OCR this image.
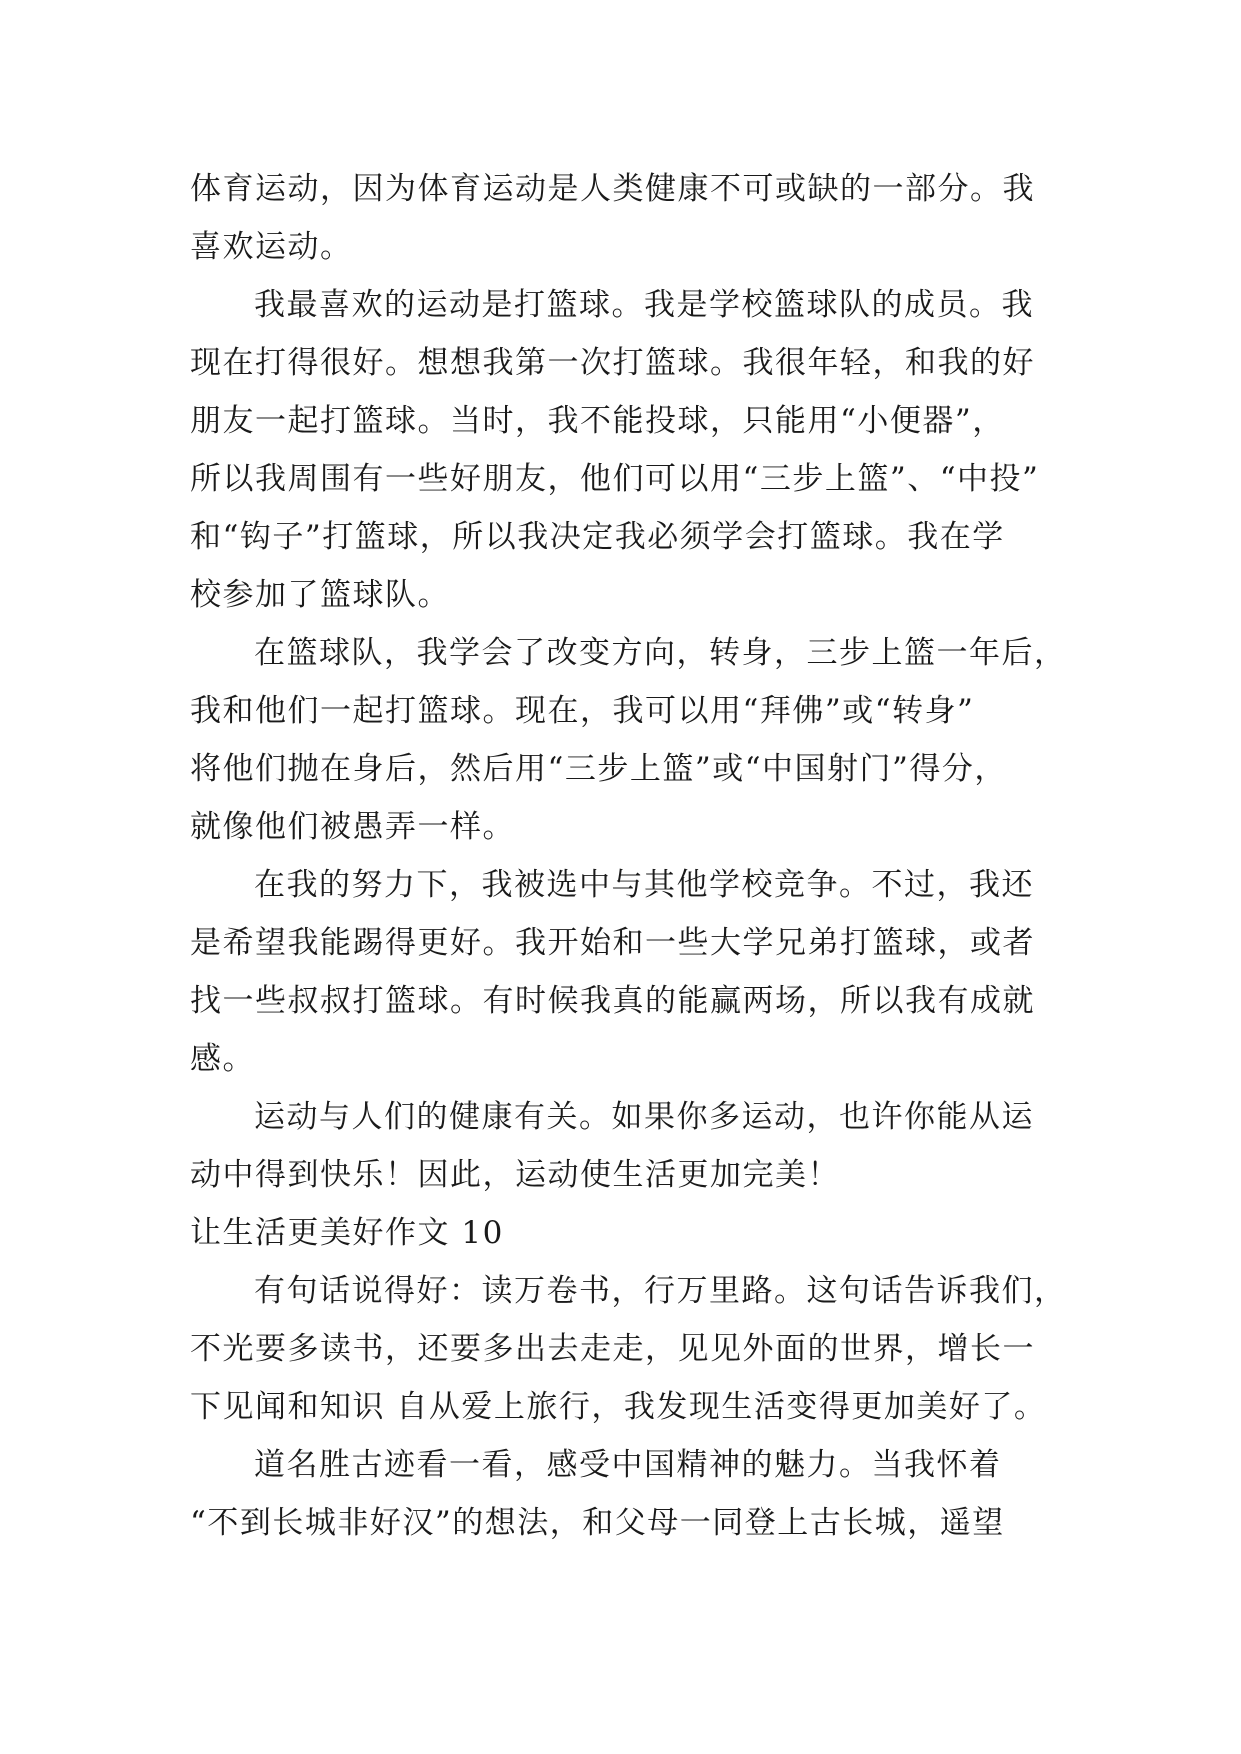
体育运动，因为体育运动是人类健康不可或缺的一部分。我
喜欢运动。
我最喜欢的运动是打篮球。我是学校篮球队的成员。我
现在打得很好。想想我第一次打篮球。我很年轻，和我的好
朋友一起打篮球。当时，我不能投球，只能用“小便器”，
所以我周围有一些好朋友，他们可以用“三步上篮”、“中投”
和“钩子”打篮球，所以我决定我必须学会打篮球。我在学
校参加了篮球队。
在篮球队，我学会了改变方向，转身，三步上篮一年后，
我和他们一起打篮球。现在，我可以用“拜佛”或“转身”
将他们抛在身后，然后用“三步上篮”或“中国射门”得分，
就像他们被愚弄一样。
在我的努力下，我被选中与其他学校竞争。不过，我还
是希望我能踢得更好。我开始和一些大学兄弟打篮球，或者
找一些叔叔打篮球。有时候我真的能赢两场，所以我有成就
感。
运动与人们的健康有关。如果你多运动，也许你能从运
动中得到快乐！因此，运动使生活更加完美！
让生活更美好作文 10
有句话说得好：读万卷书，行万里路。这句话告诉我们，
不光要多读书，还要多出去走走，见见外面的世界，增长一
下见闻和知识 自从爱上旅行，我发现生活变得更加美好了。
道名胜古迹看一看，感受中国精神的魅力。当我怀着
“不到长城非好汉”的想法，和父母一同登上古长城，遥望
